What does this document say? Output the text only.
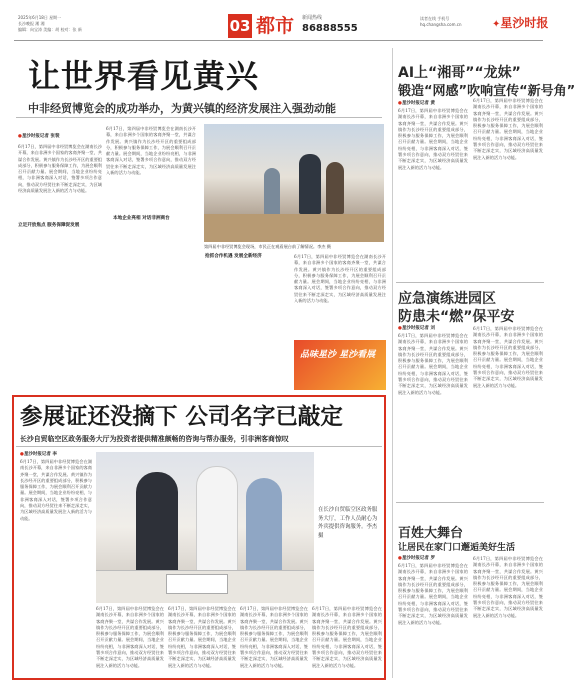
2025年6月18日 星期一
长沙晚报 湘 湘
编辑：向宝涛 美编：胡 校对：张 新	03 都市 新闻热线
86888555
读者在线 手机号
hq.changsha.com.cn	✦星沙时报
让世界看见黄兴
中非经贸博览会的成功举办，为黄兴镇的经济发展注入强劲动能
●星沙时报记者 张裴
6月17日，第四届中非经贸博览会在湖南长沙开幕，来自非洲多个国家的客商齐聚一堂，共谋合作发展。黄兴镇作为长沙经开区的重要组成部分，积极参与服务保障工作，为展会顺利召开贡献力量。展会期间，当地企业纷纷亮相，与非洲客商深入对话，签署多项合作意向，推动双方经贸往来不断走深走实，为区域经济高质量发展注入新的活力与动能。
立足开放焦点 服务保障促发展
6月17日，第四届中非经贸博览会在湖南长沙开幕，来自非洲多个国家的客商齐聚一堂，共谋合作发展。黄兴镇作为长沙经开区的重要组成部分，积极参与服务保障工作，为展会顺利召开贡献力量。展会期间，当地企业纷纷亮相，与非洲客商深入对话，签署多项合作意向，推动双方经贸往来不断走深走实，为区域经济高质量发展注入新的活力与动能。
本地企业亮相 对话非洲商台
抢抓合作机遇 发展全新经济
第四届中非经贸博览会现场，市民正在观看展台前了解情况。李杰 摄
6月17日，第四届中非经贸博览会在湖南长沙开幕，来自非洲多个国家的客商齐聚一堂，共谋合作发展。黄兴镇作为长沙经开区的重要组成部分，积极参与服务保障工作，为展会顺利召开贡献力量。展会期间，当地企业纷纷亮相，与非洲客商深入对话，签署多项合作意向，推动双方经贸往来不断走深走实，为区域经济高质量发展注入新的活力与动能。
品味星沙 星沙看展
AI上“湘哥”“龙妹”
锻造“网感”吹响宣传“新号角”
●星沙时报记者 黄
6月17日，第四届中非经贸博览会在湖南长沙开幕，来自非洲多个国家的客商齐聚一堂，共谋合作发展。黄兴镇作为长沙经开区的重要组成部分，积极参与服务保障工作，为展会顺利召开贡献力量。展会期间，当地企业纷纷亮相，与非洲客商深入对话，签署多项合作意向，推动双方经贸往来不断走深走实，为区域经济高质量发展注入新的活力与动能。
6月17日，第四届中非经贸博览会在湖南长沙开幕，来自非洲多个国家的客商齐聚一堂，共谋合作发展。黄兴镇作为长沙经开区的重要组成部分，积极参与服务保障工作，为展会顺利召开贡献力量。展会期间，当地企业纷纷亮相，与非洲客商深入对话，签署多项合作意向，推动双方经贸往来不断走深走实，为区域经济高质量发展注入新的活力与动能。
应急演练进园区
防患未“燃”保平安
●星沙时报记者 刘
6月17日，第四届中非经贸博览会在湖南长沙开幕，来自非洲多个国家的客商齐聚一堂，共谋合作发展。黄兴镇作为长沙经开区的重要组成部分，积极参与服务保障工作，为展会顺利召开贡献力量。展会期间，当地企业纷纷亮相，与非洲客商深入对话，签署多项合作意向，推动双方经贸往来不断走深走实，为区域经济高质量发展注入新的活力与动能。
6月17日，第四届中非经贸博览会在湖南长沙开幕，来自非洲多个国家的客商齐聚一堂，共谋合作发展。黄兴镇作为长沙经开区的重要组成部分，积极参与服务保障工作，为展会顺利召开贡献力量。展会期间，当地企业纷纷亮相，与非洲客商深入对话，签署多项合作意向，推动双方经贸往来不断走深走实，为区域经济高质量发展注入新的活力与动能。
百姓大舞台
让居民在家门口邂逅美好生活
●星沙时报记者 罗
6月17日，第四届中非经贸博览会在湖南长沙开幕，来自非洲多个国家的客商齐聚一堂，共谋合作发展。黄兴镇作为长沙经开区的重要组成部分，积极参与服务保障工作，为展会顺利召开贡献力量。展会期间，当地企业纷纷亮相，与非洲客商深入对话，签署多项合作意向，推动双方经贸往来不断走深走实，为区域经济高质量发展注入新的活力与动能。
6月17日，第四届中非经贸博览会在湖南长沙开幕，来自非洲多个国家的客商齐聚一堂，共谋合作发展。黄兴镇作为长沙经开区的重要组成部分，积极参与服务保障工作，为展会顺利召开贡献力量。展会期间，当地企业纷纷亮相，与非洲客商深入对话，签署多项合作意向，推动双方经贸往来不断走深走实，为区域经济高质量发展注入新的活力与动能。
参展证还没摘下 公司名字已敲定
长沙自贸临空区政务服务大厅为投资者提供精准颇畅的咨询与帮办服务，引非洲客商惊叹
●星沙时报记者 李
6月17日，第四届中非经贸博览会在湖南长沙开幕，来自非洲多个国家的客商齐聚一堂，共谋合作发展。黄兴镇作为长沙经开区的重要组成部分，积极参与服务保障工作，为展会顺利召开贡献力量。展会期间，当地企业纷纷亮相，与非洲客商深入对话，签署多项合作意向，推动双方经贸往来不断走深走实，为区域经济高质量发展注入新的活力与动能。
在长沙自贸临空区政务服务大厅，工作人员耐心为外宾提供咨询服务。李杰 摄
6月17日，第四届中非经贸博览会在湖南长沙开幕，来自非洲多个国家的客商齐聚一堂，共谋合作发展。黄兴镇作为长沙经开区的重要组成部分，积极参与服务保障工作，为展会顺利召开贡献力量。展会期间，当地企业纷纷亮相，与非洲客商深入对话，签署多项合作意向，推动双方经贸往来不断走深走实，为区域经济高质量发展注入新的活力与动能。
6月17日，第四届中非经贸博览会在湖南长沙开幕，来自非洲多个国家的客商齐聚一堂，共谋合作发展。黄兴镇作为长沙经开区的重要组成部分，积极参与服务保障工作，为展会顺利召开贡献力量。展会期间，当地企业纷纷亮相，与非洲客商深入对话，签署多项合作意向，推动双方经贸往来不断走深走实，为区域经济高质量发展注入新的活力与动能。
6月17日，第四届中非经贸博览会在湖南长沙开幕，来自非洲多个国家的客商齐聚一堂，共谋合作发展。黄兴镇作为长沙经开区的重要组成部分，积极参与服务保障工作，为展会顺利召开贡献力量。展会期间，当地企业纷纷亮相，与非洲客商深入对话，签署多项合作意向，推动双方经贸往来不断走深走实，为区域经济高质量发展注入新的活力与动能。
6月17日，第四届中非经贸博览会在湖南长沙开幕，来自非洲多个国家的客商齐聚一堂，共谋合作发展。黄兴镇作为长沙经开区的重要组成部分，积极参与服务保障工作，为展会顺利召开贡献力量。展会期间，当地企业纷纷亮相，与非洲客商深入对话，签署多项合作意向，推动双方经贸往来不断走深走实，为区域经济高质量发展注入新的活力与动能。
